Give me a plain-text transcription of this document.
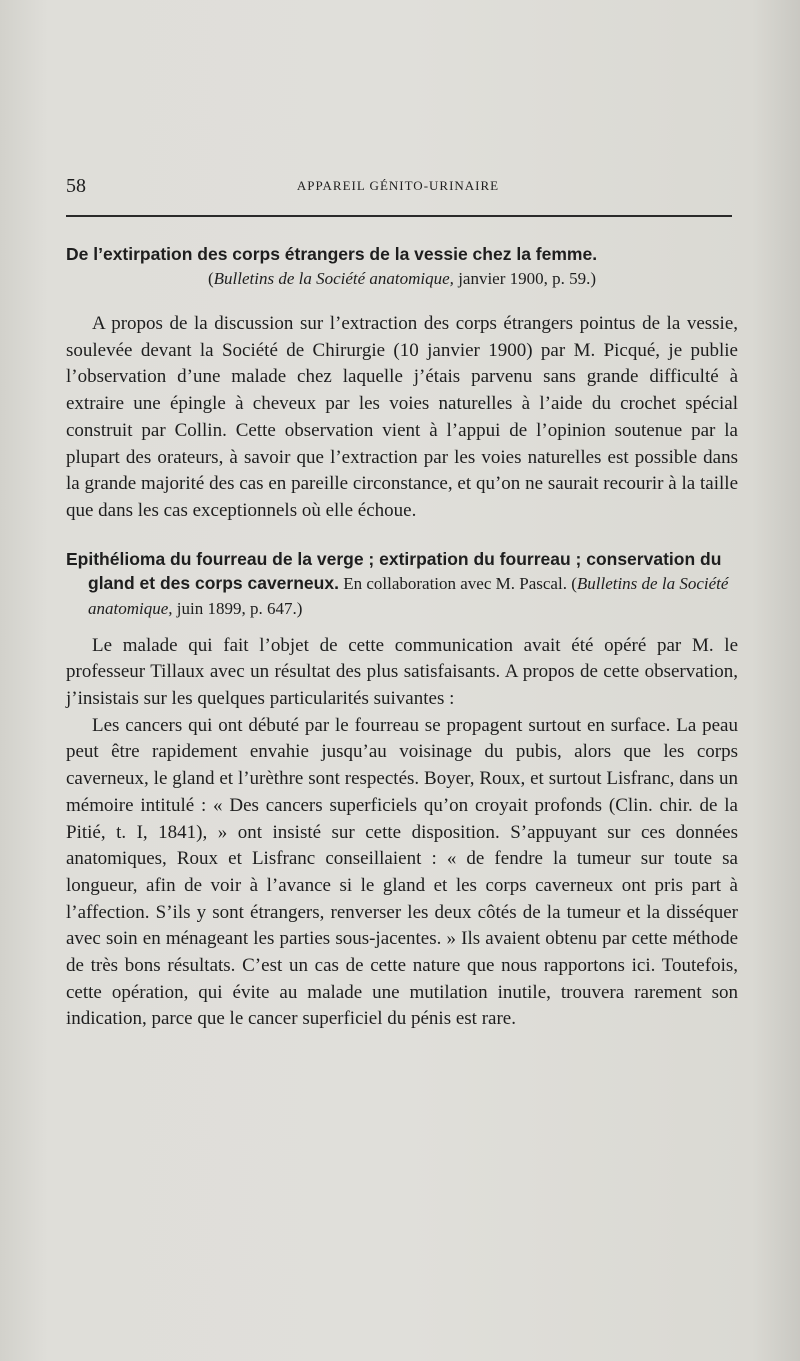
58	APPAREIL GÉNITO-URINAIRE
De l’extirpation des corps étrangers de la vessie chez la femme.

(Bulletins de la Société anatomique, janvier 1900, p. 59.)

A propos de la discussion sur l’extraction des corps étrangers pointus de la vessie, soulevée devant la Société de Chirurgie (10 janvier 1900) par M. Picqué, je publie l’observation d’une malade chez laquelle j’étais parvenu sans grande difficulté à extraire une épingle à cheveux par les voies naturelles à l’aide du crochet spécial construit par Collin. Cette observation vient à l’appui de l’opinion soutenue par la plupart des orateurs, à savoir que l’extraction par les voies naturelles est possible dans la grande majorité des cas en pareille circonstance, et qu’on ne saurait recourir à la taille que dans les cas exceptionnels où elle échoue.

Epithélioma du fourreau de la verge ; extirpation du fourreau ; conservation du gland et des corps caverneux. En collaboration avec M. Pascal. (Bulletins de la Société anatomique, juin 1899, p. 647.)

Le malade qui fait l’objet de cette communication avait été opéré par M. le professeur Tillaux avec un résultat des plus satisfaisants. A propos de cette observation, j’insistais sur les quelques particularités suivantes :

Les cancers qui ont débuté par le fourreau se propagent surtout en surface. La peau peut être rapidement envahie jusqu’au voisinage du pubis, alors que les corps caverneux, le gland et l’urèthre sont respectés. Boyer, Roux, et surtout Lisfranc, dans un mémoire intitulé : « Des cancers superficiels qu’on croyait profonds (Clin. chir. de la Pitié, t. I, 1841), » ont insisté sur cette disposition. S’appuyant sur ces données anatomiques, Roux et Lisfranc conseillaient : « de fendre la tumeur sur toute sa longueur, afin de voir à l’avance si le gland et les corps caverneux ont pris part à l’affection. S’ils y sont étrangers, renverser les deux côtés de la tumeur et la disséquer avec soin en ménageant les parties sous-jacentes. » Ils avaient obtenu par cette méthode de très bons résultats. C’est un cas de cette nature que nous rapportons ici. Toutefois, cette opération, qui évite au malade une mutilation inutile, trouvera rarement son indication, parce que le cancer superficiel du pénis est rare.
